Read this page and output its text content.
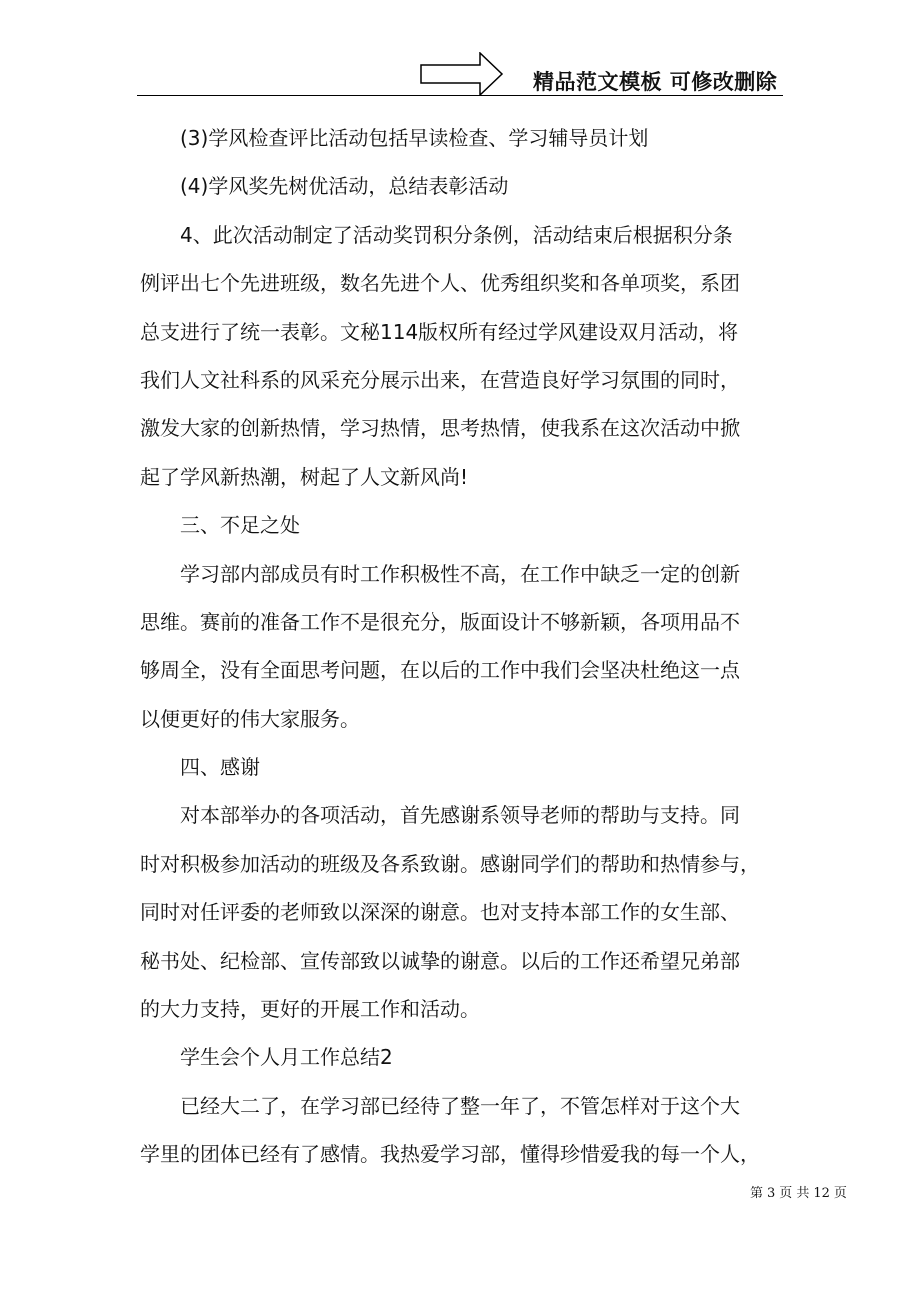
精品范文模板 可修改删除
(3)学风检查评比活动包括早读检查、学习辅导员计划
(4)学风奖先树优活动，总结表彰活动
4、此次活动制定了活动奖罚积分条例，活动结束后根据积分条
例评出七个先进班级，数名先进个人、优秀组织奖和各单项奖，系团
总支进行了统一表彰。文秘114版权所有经过学风建设双月活动，将
我们人文社科系的风采充分展示出来，在营造良好学习氛围的同时，
激发大家的创新热情，学习热情，思考热情，使我系在这次活动中掀
起了学风新热潮，树起了人文新风尚!
三、不足之处
学习部内部成员有时工作积极性不高，在工作中缺乏一定的创新
思维。赛前的准备工作不是很充分，版面设计不够新颖，各项用品不
够周全，没有全面思考问题，在以后的工作中我们会坚决杜绝这一点
以便更好的伟大家服务。
四、感谢
对本部举办的各项活动，首先感谢系领导老师的帮助与支持。同
时对积极参加活动的班级及各系致谢。感谢同学们的帮助和热情参与，
同时对任评委的老师致以深深的谢意。也对支持本部工作的女生部、
秘书处、纪检部、宣传部致以诚挚的谢意。以后的工作还希望兄弟部
的大力支持，更好的开展工作和活动。
学生会个人月工作总结2
已经大二了，在学习部已经待了整一年了，不管怎样对于这个大
学里的团体已经有了感情。我热爱学习部，懂得珍惜爱我的每一个人，
第 3 页 共 12 页
